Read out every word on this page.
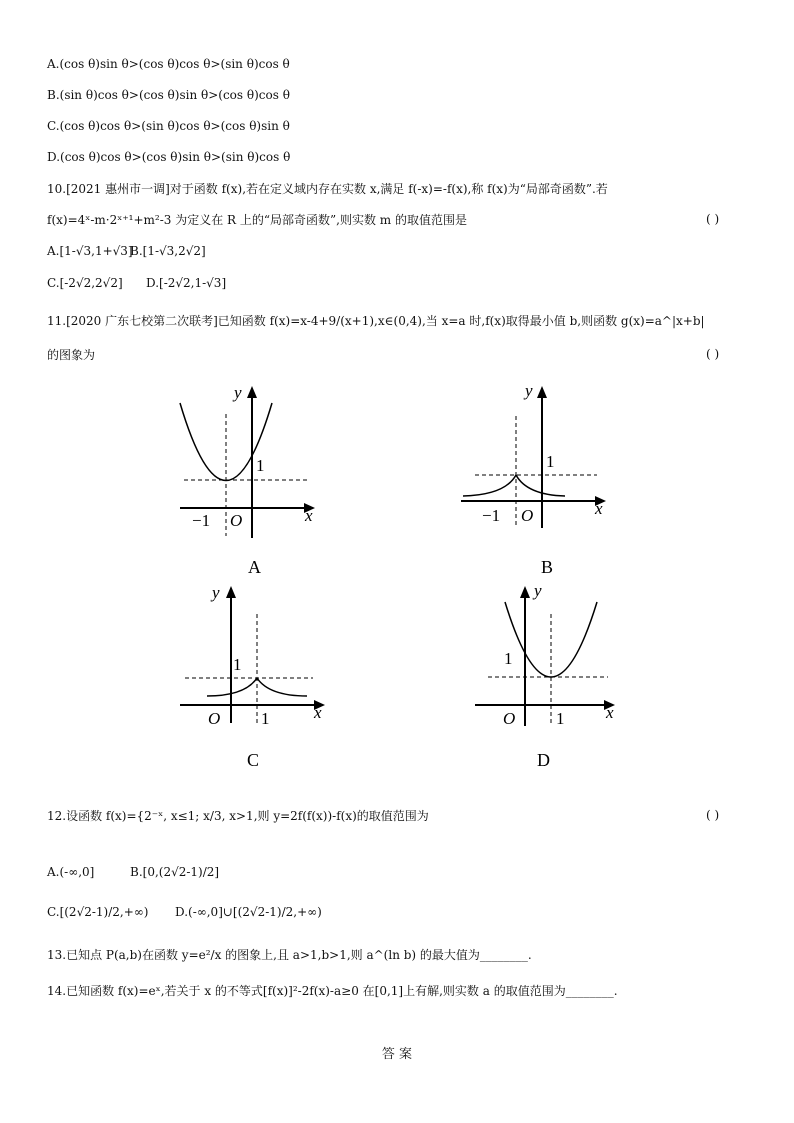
A.(cos θ)sin θ>(cos θ)cos θ>(sin θ)cos θ
B.(sin θ)cos θ>(cos θ)sin θ>(cos θ)cos θ
C.(cos θ)cos θ>(sin θ)cos θ>(cos θ)sin θ
D.(cos θ)cos θ>(cos θ)sin θ>(sin θ)cos θ
10.[2021 惠州市一调]对于函数 f(x),若在定义域内存在实数 x,满足 f(-x)=-f(x),称 f(x)为“局部奇函数”.若
f(x)=4ˣ-m·2ˣ⁺¹+m²-3 为定义在 R 上的“局部奇函数”,则实数 m 的取值范围是	( )
A.[1-√3,1+√3]
B.[1-√3,2√2]
C.[-2√2,2√2] D.[-2√2,1-√3]
11.[2020 广东七校第二次联考]已知函数 f(x)=x-4+9/(x+1),x∈(0,4),当 x=a 时,f(x)取得最小值 b,则函数 g(x)=a^|x+b|
的图象为	( )
y
x
1
O
−1
A
y
x
1
O
−1
B
y
x
1
O 1
C
y
x
1
O 1
D
12.设函数 f(x)={2⁻ˣ, x≤1; x/3, x>1,则 y=2f(f(x))-f(x)的取值范围为	( )
A.(-∞,0]	B.[0,(2√2-1)/2]
C.[(2√2-1)/2,+∞) D.(-∞,0]∪[(2√2-1)/2,+∞)
13.已知点 P(a,b)在函数 y=e²/x 的图象上,且 a>1,b>1,则 a^(ln b) 的最大值为________.
14.已知函数 f(x)=eˣ,若关于 x 的不等式[f(x)]²-2f(x)-a≥0 在[0,1]上有解,则实数 a 的取值范围为________.
答 案
